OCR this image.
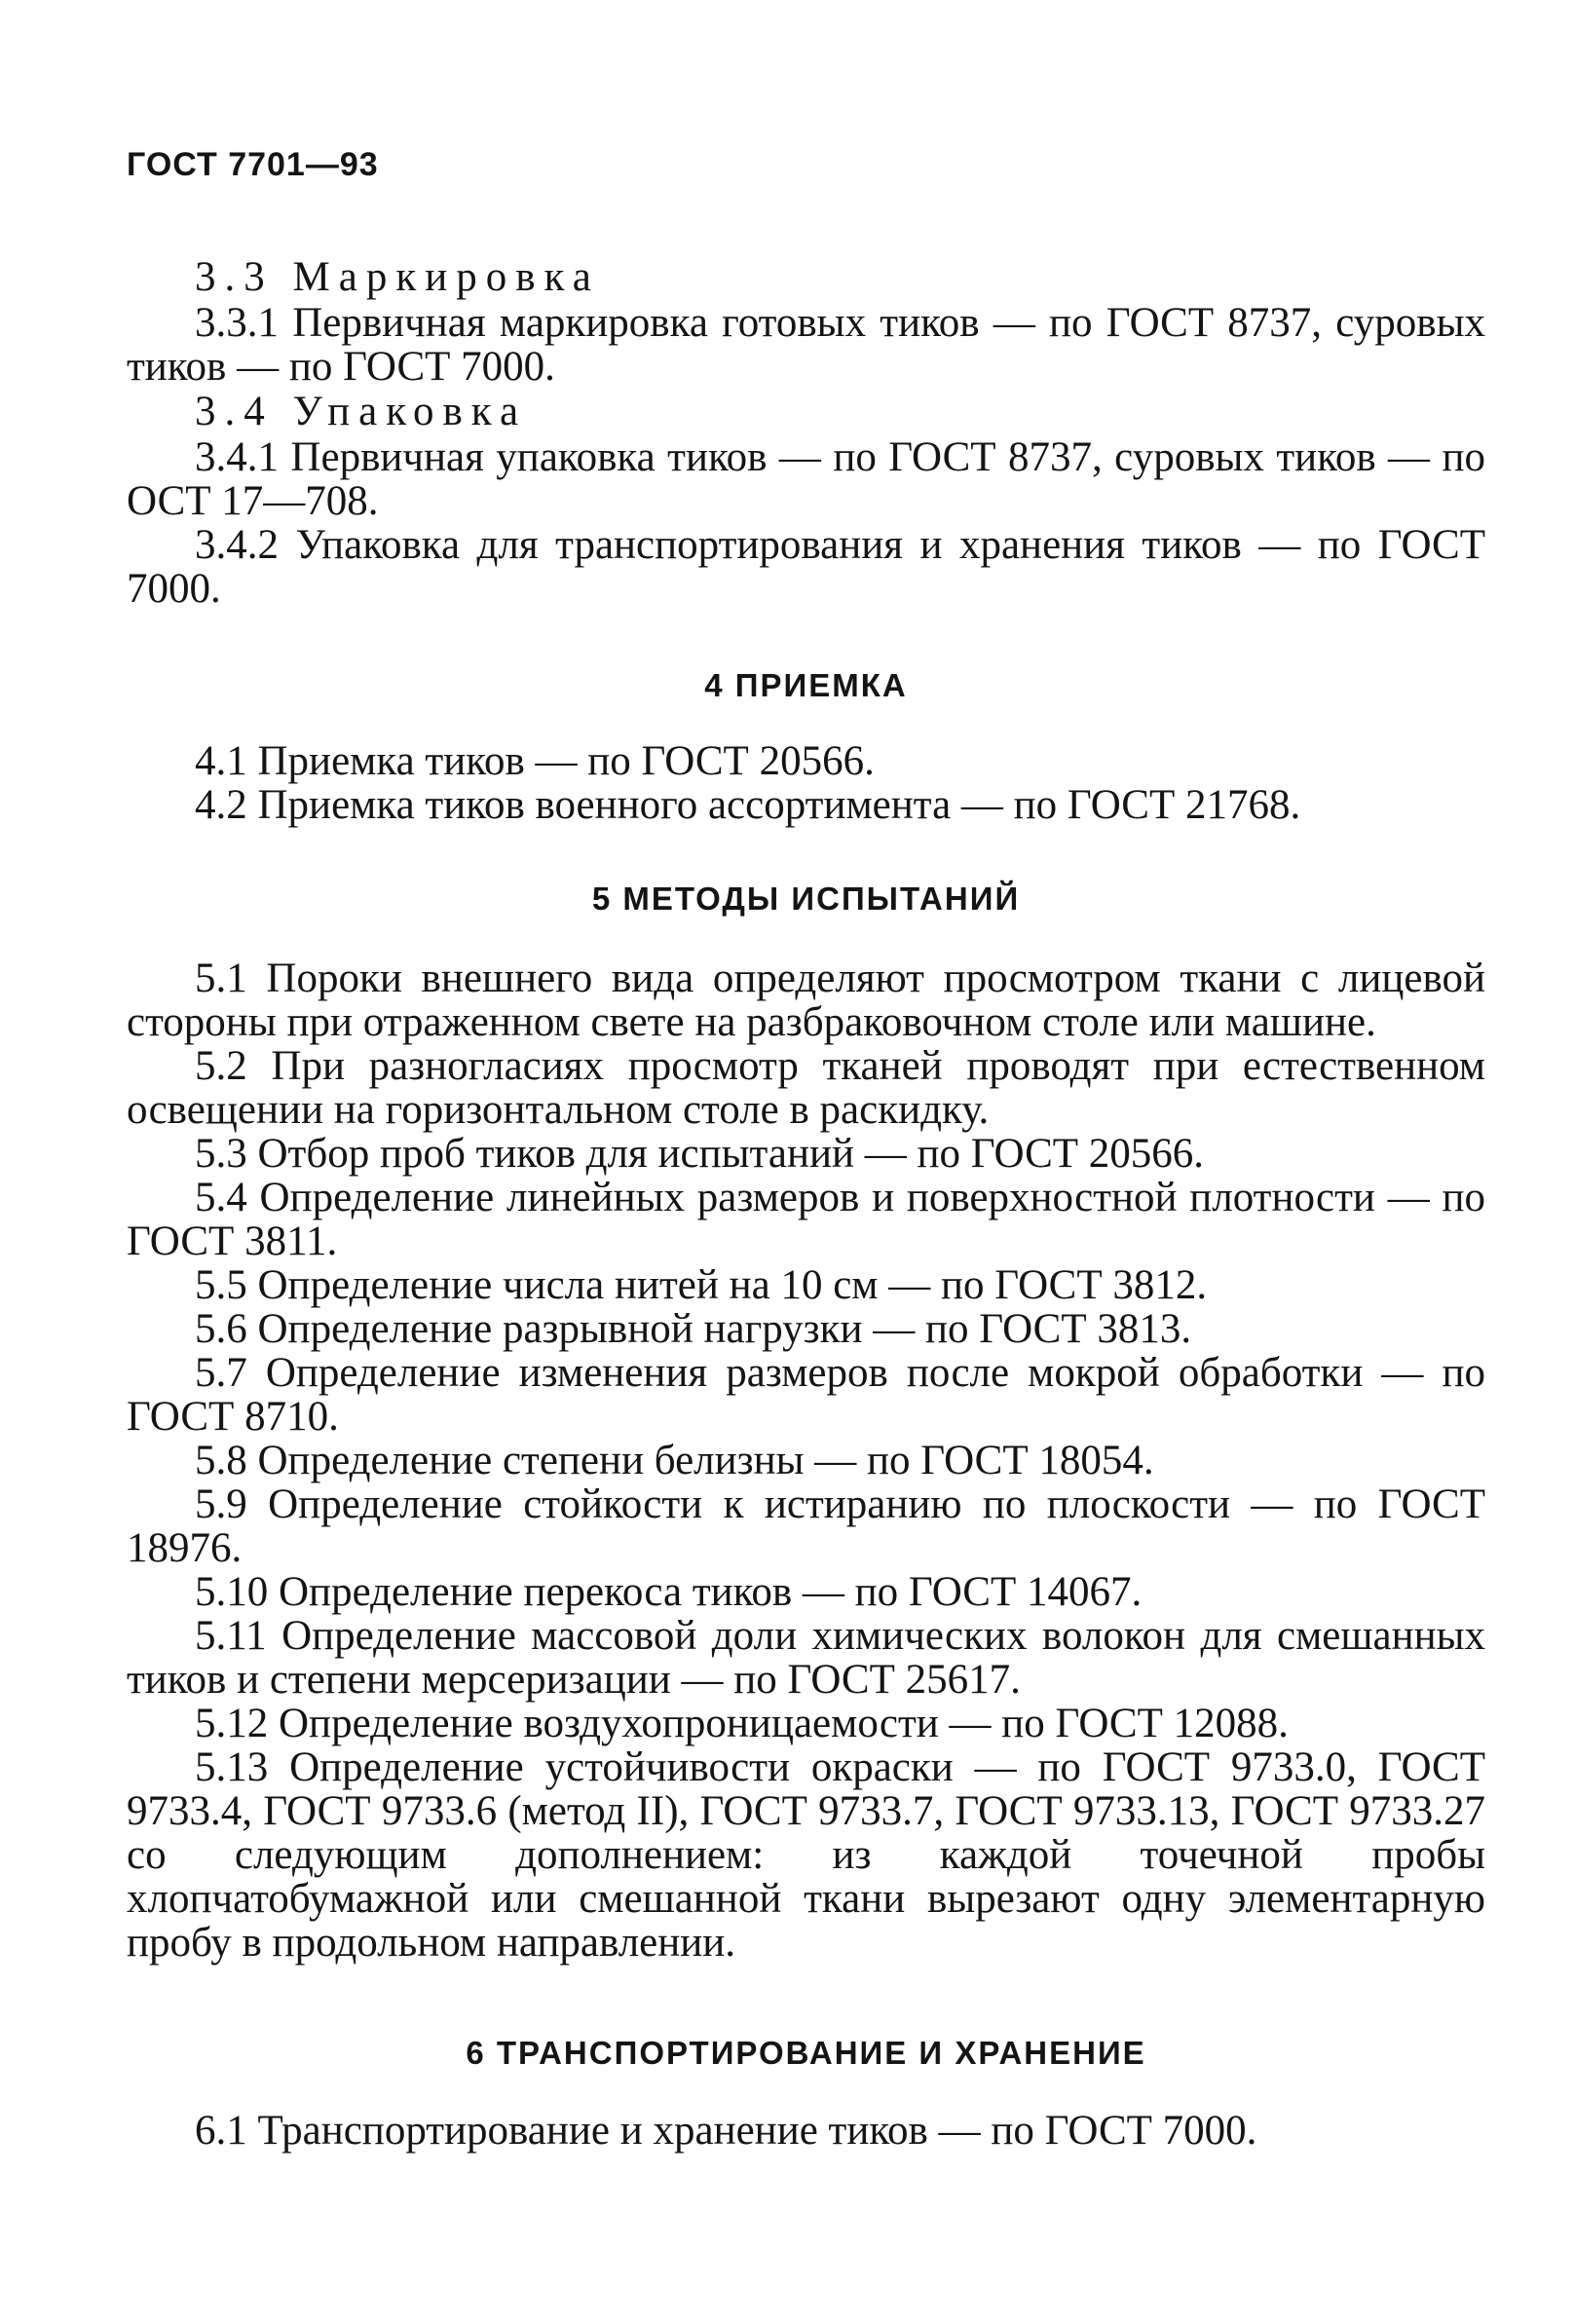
ГОСТ 7701—93

3.3 Маркировка

3.3.1 Первичная маркировка готовых тиков — по ГОСТ 8737, суровых тиков — по ГОСТ 7000.

3.4 Упаковка

3.4.1 Первичная упаковка тиков — по ГОСТ 8737, суровых тиков — по ОСТ 17—708.

3.4.2 Упаковка для транспортирования и хранения тиков — по ГОСТ 7000.

4 ПРИЕМКА

4.1 Приемка тиков — по ГОСТ 20566.

4.2 Приемка тиков военного ассортимента — по ГОСТ 21768.

5 МЕТОДЫ ИСПЫТАНИЙ

5.1 Пороки внешнего вида определяют просмотром ткани с лицевой стороны при отраженном свете на разбраковочном столе или машине.

5.2 При разногласиях просмотр тканей проводят при естественном освещении на горизонтальном столе в раскидку.

5.3 Отбор проб тиков для испытаний — по ГОСТ 20566.

5.4 Определение линейных размеров и поверхностной плотности — по ГОСТ 3811.

5.5 Определение числа нитей на 10 см — по ГОСТ 3812.

5.6 Определение разрывной нагрузки — по ГОСТ 3813.

5.7 Определение изменения размеров после мокрой обработки — по ГОСТ 8710.

5.8 Определение степени белизны — по ГОСТ 18054.

5.9 Определение стойкости к истиранию по плоскости — по ГОСТ 18976.

5.10 Определение перекоса тиков — по ГОСТ 14067.

5.11 Определение массовой доли химических волокон для смешанных тиков и степени мерсеризации — по ГОСТ 25617.

5.12 Определение воздухопроницаемости — по ГОСТ 12088.

5.13 Определение устойчивости окраски — по ГОСТ 9733.0, ГОСТ 9733.4, ГОСТ 9733.6 (метод II), ГОСТ 9733.7, ГОСТ 9733.13, ГОСТ 9733.27 со следующим дополнением: из каждой точечной пробы хлопчатобумажной или смешанной ткани вырезают одну элементарную пробу в продольном направлении.

6 ТРАНСПОРТИРОВАНИЕ И ХРАНЕНИЕ

6.1 Транспортирование и хранение тиков — по ГОСТ 7000.
